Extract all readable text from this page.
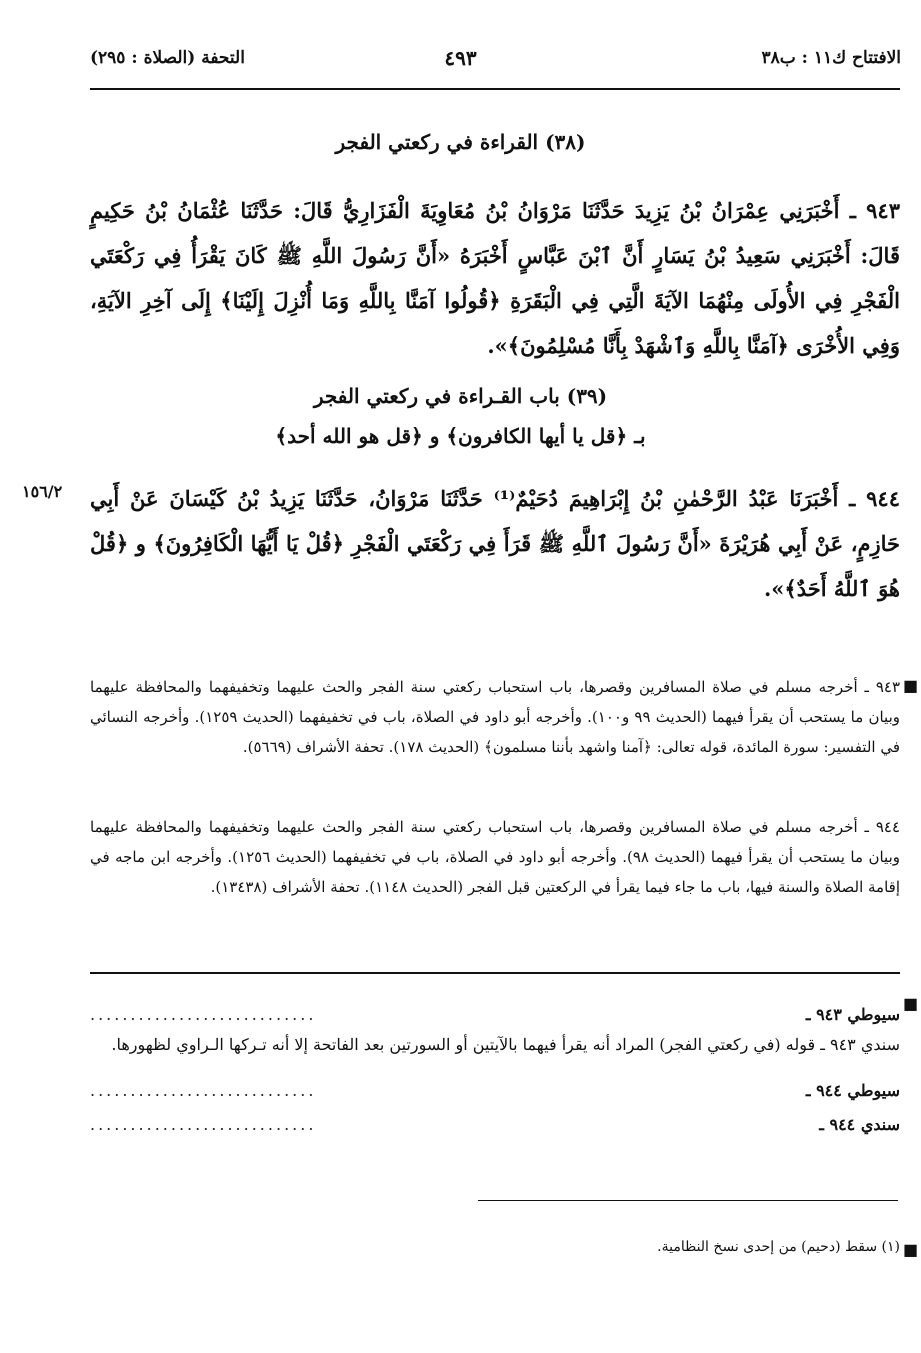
الافتتاح ك١١ : ب٣٨
٤٩٣
التحفة (الصلاة : ٢٩٥)
(٣٨) القراءة في ركعتي الفجر
٩٤٣ ـ أَخْبَرَنِي عِمْرَانُ بْنُ يَزِيدَ حَدَّثَنَا مَرْوَانُ بْنُ مُعَاوِيَةَ الْفَزَارِيُّ قَالَ: حَدَّثَنَا عُثْمَانُ بْنُ حَكِيمٍ قَالَ: أَخْبَرَنِي سَعِيدُ بْنُ يَسَارٍ أَنَّ ٱبْنَ عَبَّاسٍ أَخْبَرَهُ «أَنَّ رَسُولَ اللَّهِ ﷺ كَانَ يَقْرَأُ فِي رَكْعَتَي الْفَجْرِ فِي الأُولَى مِنْهُمَا الآيَةَ الَّتِي فِي الْبَقَرَةِ ﴿قُولُوا آمَنَّا بِاللَّهِ وَمَا أُنْزِلَ إِلَيْنَا﴾ إِلَى آخِرِ الآيَةِ، وَفِي الأُخْرَى ﴿آمَنَّا بِاللَّهِ وَٱشْهَدْ بِأَنَّا مُسْلِمُونَ﴾».
(٣٩) باب القـراءة في ركعتي الفجر
بـ ﴿قل يا أيها الكافرون﴾ و ﴿قل هو الله أحد﴾
١٥٦/٢ ٩٤٤ ـ أَخْبَرَنَا عَبْدُ الرَّحْمٰنِ بْنُ إِبْرَاهِيمَ دُحَيْمٌ⁽¹⁾ حَدَّثَنَا مَرْوَانُ، حَدَّثَنَا يَزِيدُ بْنُ كَيْسَانَ عَنْ أَبِي حَازِمٍ، عَنْ أَبِي هُرَيْرَةَ «أَنَّ رَسُولَ ٱللَّهِ ﷺ قَرَأَ فِي رَكْعَتَي الْفَجْرِ ﴿قُلْ يَا أَيُّهَا الْكَافِرُونَ﴾ و ﴿قُلْ هُوَ ٱللَّهُ أَحَدٌ﴾».
■
٩٤٣ ـ أخرجه مسلم في صلاة المسافرين وقصرها، باب استحباب ركعتي سنة الفجر والحث عليهما وتخفيفهما والمحافظة عليهما وبيان ما يستحب أن يقرأ فيهما (الحديث ٩٩ و١٠٠). وأخرجه أبو داود في الصلاة، باب في تخفيفهما (الحديث ١٢٥٩). وأخرجه النسائي في التفسير: سورة المائدة، قوله تعالى: ﴿آمنا واشهد بأننا مسلمون﴾ (الحديث ١٧٨). تحفة الأشراف (٥٦٦٩).
٩٤٤ ـ أخرجه مسلم في صلاة المسافرين وقصرها، باب استحباب ركعتي سنة الفجر والحث عليهما وتخفيفهما والمحافظة عليهما وبيان ما يستحب أن يقرأ فيهما (الحديث ٩٨). وأخرجه أبو داود في الصلاة، باب في تخفيفهما (الحديث ١٢٥٦). وأخرجه ابن ماجه في إقامة الصلاة والسنة فيها، باب ما جاء فيما يقرأ في الركعتين قبل الفجر (الحديث ١١٤٨). تحفة الأشراف (١٣٤٣٨).
■
سيوطي ٩٤٣ ـ
............................
سندي ٩٤٣ ـ قوله (في ركعتي الفجر) المراد أنه يقرأ فيهما بالآيتين أو السورتين بعد الفاتحة إلا أنه تـركها الـراوي لظهورها.
سيوطي ٩٤٤ ـ
............................
سندي ٩٤٤ ـ
............................
■
(١) سقط (دحيم) من إحدى نسخ النظامية.
